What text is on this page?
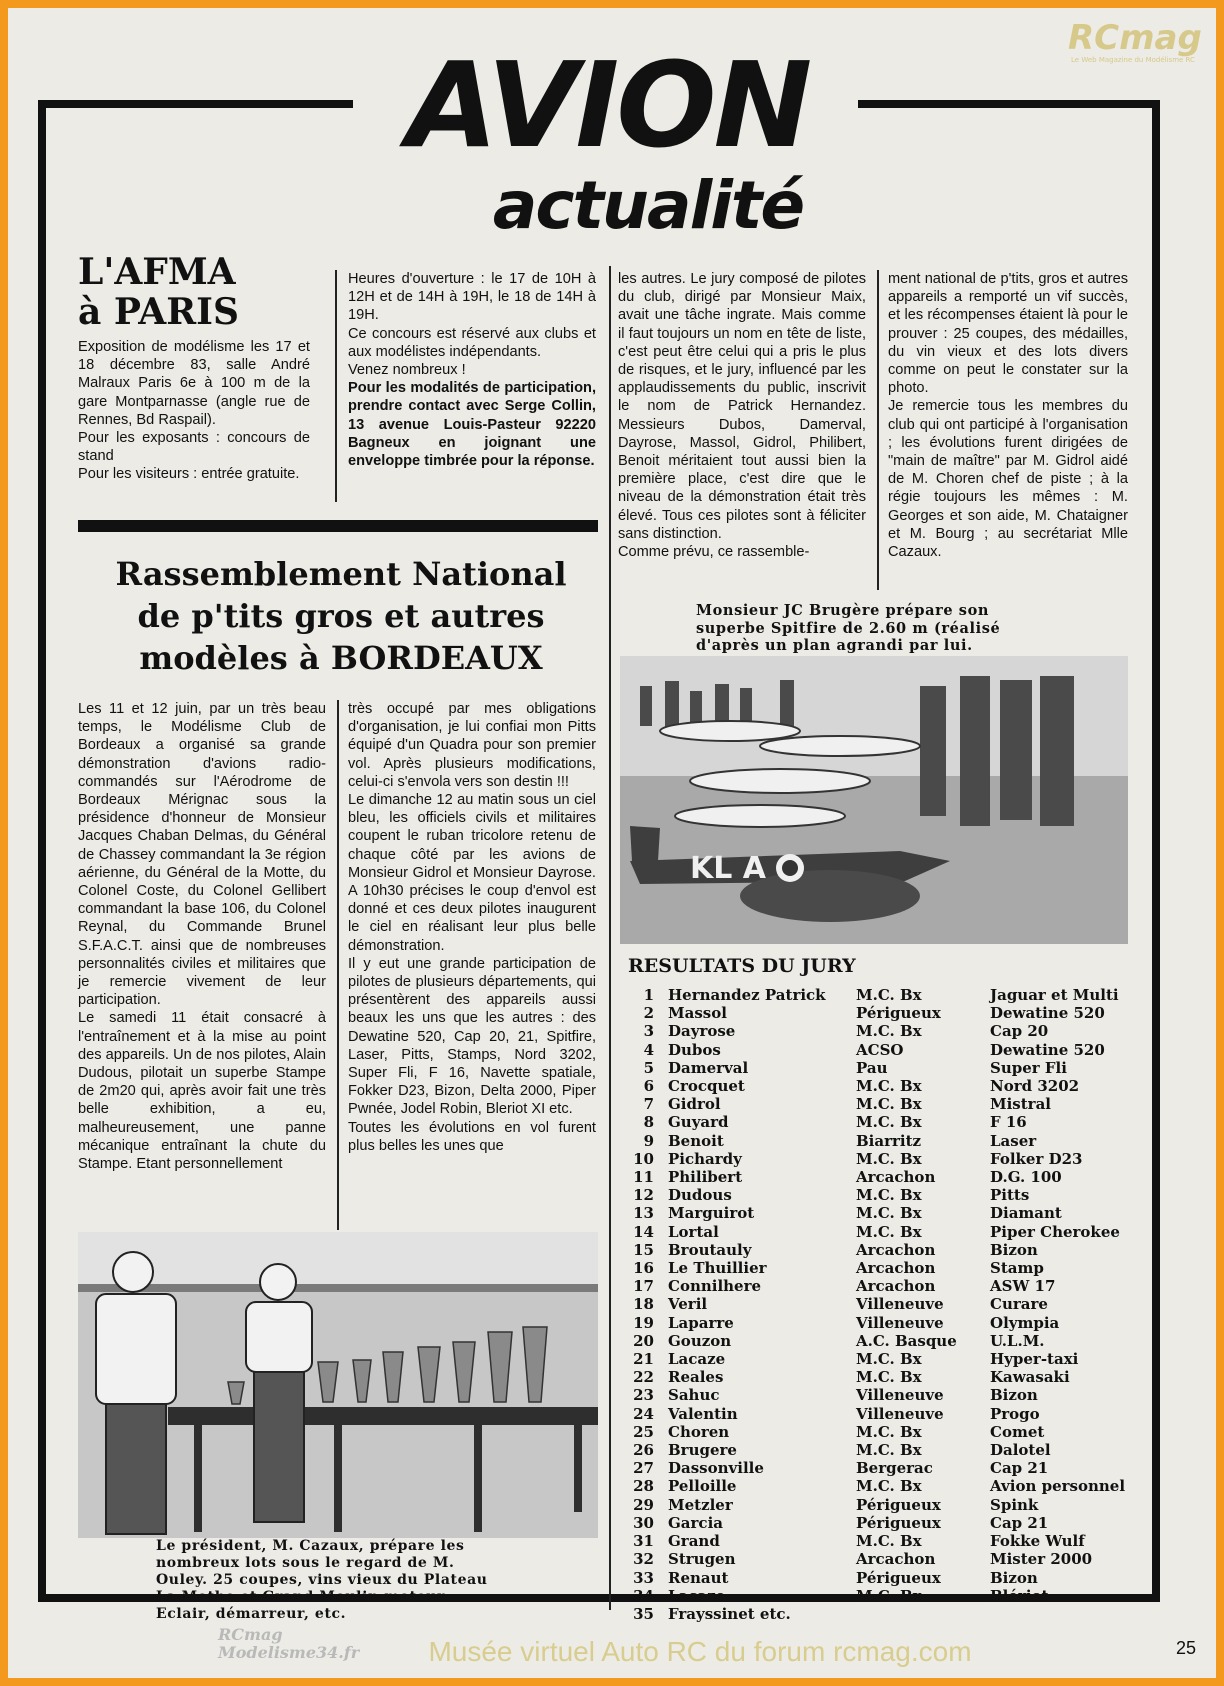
RCmag
Le Web Magazine du Modélisme RC
AVION
actualité
L'AFMA
à PARIS

Exposition de modélisme les 17 et 18 décembre 83, salle André Malraux Paris 6e à 100 m de la gare Montparnasse (angle rue de Rennes, Bd Raspail).

Pour les exposants : concours de stand

Pour les visiteurs : entrée gratuite.

Heures d'ouverture : le 17 de 10H à 12H et de 14H à 19H, le 18 de 14H à 19H.

Ce concours est réservé aux clubs et aux modélistes indépendants.

Venez nombreux !

Pour les modalités de participation, prendre contact avec Serge Collin, 13 avenue Louis-Pasteur 92220 Bagneux en joignant une enveloppe timbrée pour la réponse.

Rassemblement National
de p'tits gros et autres
modèles à BORDEAUX

Les 11 et 12 juin, par un très beau temps, le Modélisme Club de Bordeaux a organisé sa grande démonstration d'avions radio-commandés sur l'Aérodrome de Bordeaux Mérignac sous la présidence d'honneur de Monsieur Jacques Chaban Delmas, du Général de Chassey commandant la 3e région aérienne, du Général de la Motte, du Colonel Coste, du Colonel Gellibert commandant la base 106, du Colonel Reynal, du Commande Brunel S.F.A.C.T. ainsi que de nombreuses personnalités civiles et militaires que je remercie vivement de leur participation.

Le samedi 11 était consacré à l'entraînement et à la mise au point des appareils. Un de nos pilotes, Alain Dudous, pilotait un superbe Stampe de 2m20 qui, après avoir fait une très belle exhibition, a eu, malheureusement, une panne mécanique entraînant la chute du Stampe. Etant personnellement

très occupé par mes obligations d'organisation, je lui confiai mon Pitts équipé d'un Quadra pour son premier vol. Après plusieurs modifications, celui-ci s'envola vers son destin !!!

Le dimanche 12 au matin sous un ciel bleu, les officiels civils et militaires coupent le ruban tricolore retenu de chaque côté par les avions de Monsieur Gidrol et Monsieur Dayrose. A 10h30 précises le coup d'envol est donné et ces deux pilotes inaugurent le ciel en réalisant leur plus belle démonstration.

Il y eut une grande participation de pilotes de plusieurs départements, qui présentèrent des appareils aussi beaux les uns que les autres : des Dewatine 520, Cap 20, 21, Spitfire, Laser, Pitts, Stamps, Nord 3202, Super Fli, F 16, Navette spatiale, Fokker D23, Bizon, Delta 2000, Piper Pwnée, Jodel Robin, Bleriot XI etc.

Toutes les évolutions en vol furent plus belles les unes que

les autres. Le jury composé de pilotes du club, dirigé par Monsieur Maix, avait une tâche ingrate. Mais comme il faut toujours un nom en tête de liste, c'est peut être celui qui a pris le plus de risques, et le jury, influencé par les applaudissements du public, inscrivit le nom de Patrick Hernandez. Messieurs Dubos, Damerval, Dayrose, Massol, Gidrol, Philibert, Benoit méritaient tout aussi bien la première place, c'est dire que le niveau de la démonstration était très élevé. Tous ces pilotes sont à féliciter sans distinction.

Comme prévu, ce rassemble-

ment national de p'tits, gros et autres appareils a remporté un vif succès, et les récompenses étaient là pour le prouver : 25 coupes, des médailles, du vin vieux et des lots divers comme on peut le constater sur la photo.

Je remercie tous les membres du club qui ont participé à l'organisation ; les évolutions furent dirigées de "main de maître" par M. Gidrol aidé de M. Choren chef de piste ; à la régie toujours les mêmes : M. Georges et son aide, M. Chataigner et M. Bourg ; au secrétariat Mlle Cazaux.

Monsieur JC Brugère prépare son superbe Spitfire de 2.60 m (réalisé d'après un plan agrandi par lui.
KL A
RESULTATS DU JURY
1 Hernandez Patrick	M.C. Bx	Jaguar et Multi
2 Massol	Périgueux	Dewatine 520
3 Dayrose	M.C. Bx	Cap 20
4 Dubos	ACSO	Dewatine 520
5 Damerval	Pau	Super Fli
6 Crocquet	M.C. Bx	Nord 3202
7 Gidrol	M.C. Bx	Mistral
8 Guyard	M.C. Bx	F 16
9 Benoit	Biarritz	Laser
10 Pichardy	M.C. Bx	Folker D23
11 Philibert	Arcachon	D.G. 100
12 Dudous	M.C. Bx	Pitts
13 Marguirot	M.C. Bx	Diamant
14 Lortal	M.C. Bx	Piper Cherokee
15 Broutauly	Arcachon	Bizon
16 Le Thuillier	Arcachon	Stamp
17 Connilhere	Arcachon	ASW 17
18 Veril	Villeneuve	Curare
19 Laparre	Villeneuve	Olympia
20 Gouzon	A.C. Basque	U.L.M.
21 Lacaze	M.C. Bx	Hyper-taxi
22 Reales	M.C. Bx	Kawasaki
23 Sahuc	Villeneuve	Bizon
24 Valentin	Villeneuve	Progo
25 Choren	M.C. Bx	Comet
26 Brugere	M.C. Bx	Dalotel
27 Dassonville	Bergerac	Cap 21
28 Pelloille	M.C. Bx	Avion personnel
29 Metzler	Périgueux	Spink
30 Garcia	Périgueux	Cap 21
31 Grand	M.C. Bx	Fokke Wulf
32 Strugen	Arcachon	Mister 2000
33 Renaut	Périgueux	Bizon
34 Lacaze	M.C. Bx	Blériot
35 Frayssinet etc.
Le président, M. Cazaux, prépare les nombreux lots sous le regard de M. Ouley. 25 coupes, vins vieux du Plateau La Mothe et Grand Moulin moteur Eclair, démarreur, etc.
25
RCmag
Modelisme34.fr	Musée virtuel Auto RC du forum rcmag.com
